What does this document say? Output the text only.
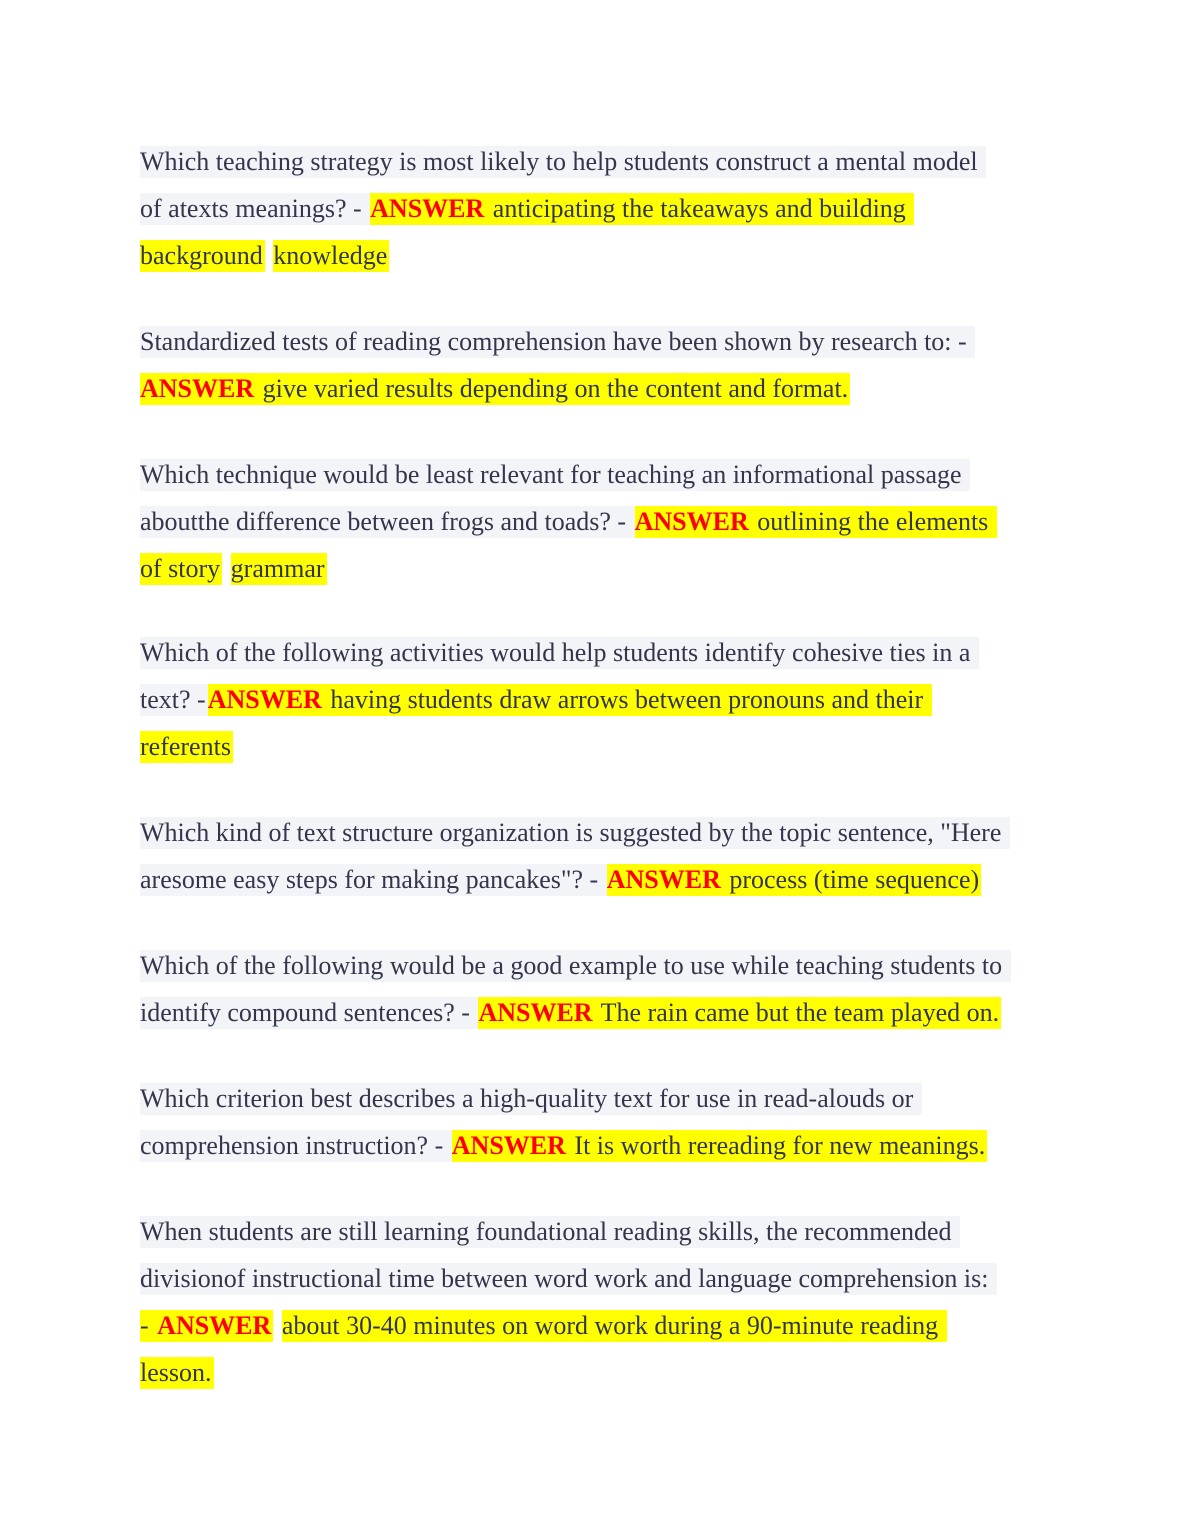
Which teaching strategy is most likely to help students construct a mental model
of atexts meanings? - ANSWER anticipating the takeaways and building
background knowledge
Standardized tests of reading comprehension have been shown by research to: -
ANSWER give varied results depending on the content and format.
Which technique would be least relevant for teaching an informational passage
aboutthe difference between frogs and toads? - ANSWER outlining the elements
of story grammar
Which of the following activities would help students identify cohesive ties in a
text? -ANSWER having students draw arrows between pronouns and their
referents
Which kind of text structure organization is suggested by the topic sentence, "Here
aresome easy steps for making pancakes"? - ANSWER process (time sequence)
Which of the following would be a good example to use while teaching students to
identify compound sentences? - ANSWER The rain came but the team played on.
Which criterion best describes a high-quality text for use in read-alouds or
comprehension instruction? - ANSWER It is worth rereading for new meanings.
When students are still learning foundational reading skills, the recommended
divisionof instructional time between word work and language comprehension is:
- ANSWER about 30-40 minutes on word work during a 90-minute reading
lesson.
